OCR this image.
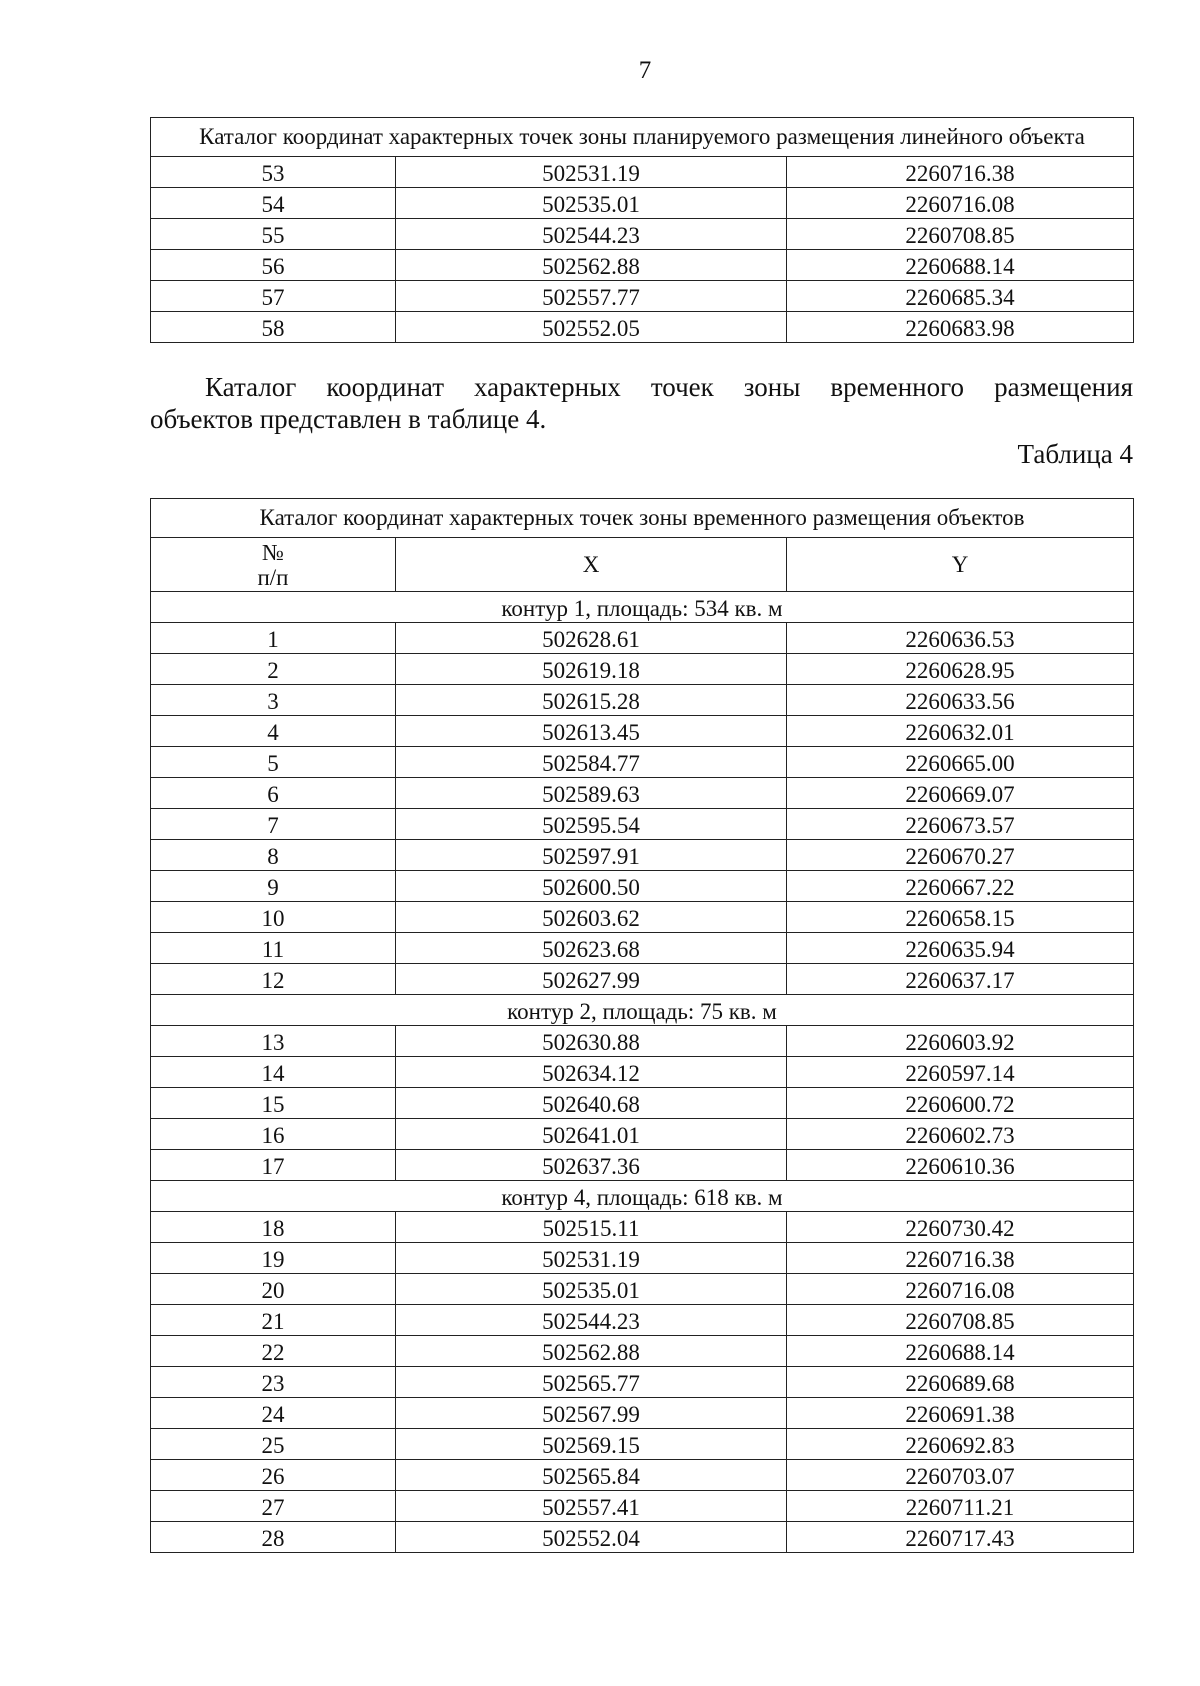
7
Каталог координат характерных точек зоны планируемого размещения линейного объекта		
53	502531.19	2260716.38
54	502535.01	2260716.08
55	502544.23	2260708.85
56	502562.88	2260688.14
57	502557.77	2260685.34
58	502552.05	2260683.98
Каталог координат характерных точек зоны временного размещения
объектов представлен в таблице 4.
Таблица 4
Каталог координат характерных точек зоны временного размещения объектов		

№
п/п	X	Y
контур 1, площадь: 534 кв. м		
1	502628.61	2260636.53
2	502619.18	2260628.95
3	502615.28	2260633.56
4	502613.45	2260632.01
5	502584.77	2260665.00
6	502589.63	2260669.07
7	502595.54	2260673.57
8	502597.91	2260670.27
9	502600.50	2260667.22
10	502603.62	2260658.15
11	502623.68	2260635.94
12	502627.99	2260637.17
контур 2, площадь: 75 кв. м		
13	502630.88	2260603.92
14	502634.12	2260597.14
15	502640.68	2260600.72
16	502641.01	2260602.73
17	502637.36	2260610.36
контур 4, площадь: 618 кв. м		
18	502515.11	2260730.42
19	502531.19	2260716.38
20	502535.01	2260716.08
21	502544.23	2260708.85
22	502562.88	2260688.14
23	502565.77	2260689.68
24	502567.99	2260691.38
25	502569.15	2260692.83
26	502565.84	2260703.07
27	502557.41	2260711.21
28	502552.04	2260717.43
